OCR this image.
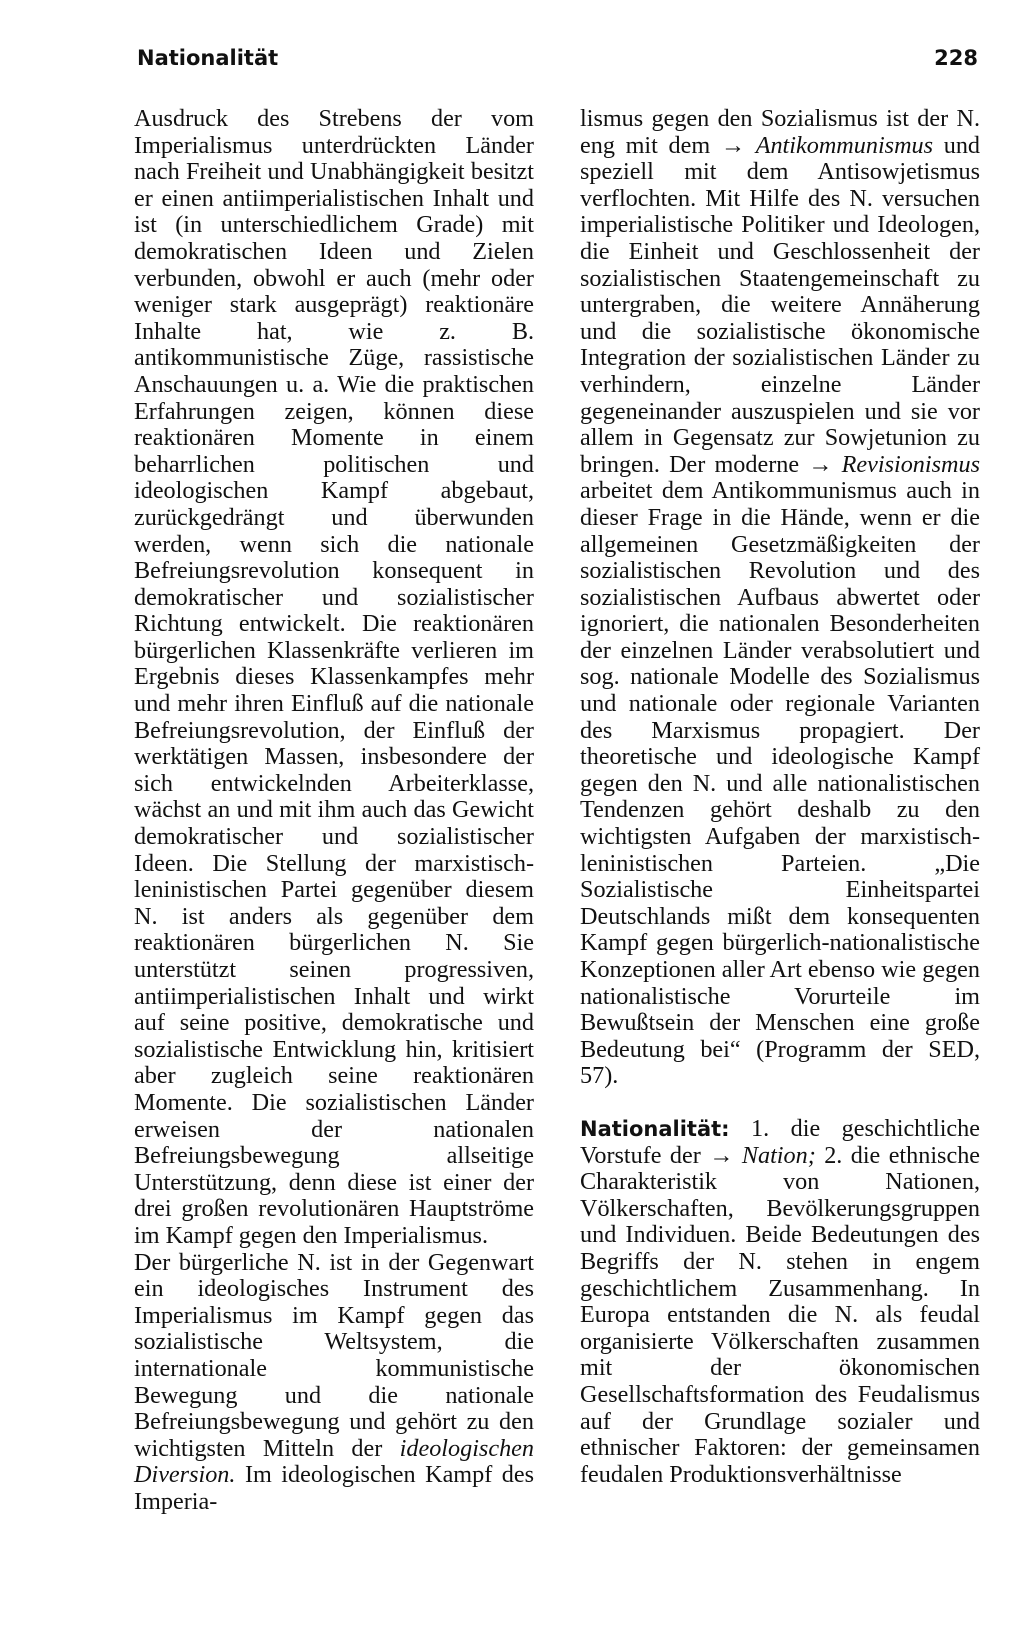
Nationalität	228

Ausdruck des Strebens der vom Imperialismus unterdrückten Länder nach Freiheit und Unabhängigkeit besitzt er einen antiimperialistischen Inhalt und ist (in unterschiedlichem Grade) mit demokratischen Ideen und Zielen verbunden, obwohl er auch (mehr oder weniger stark ausgeprägt) reaktionäre Inhalte hat, wie z. B. antikommunistische Züge, rassistische Anschauungen u. a. Wie die praktischen Erfahrungen zeigen, können diese reaktionären Momente in einem beharrlichen politischen und ideologischen Kampf abgebaut, zurückgedrängt und überwunden werden, wenn sich die nationale Befreiungsrevolution konsequent in demokratischer und sozialistischer Richtung entwickelt. Die reaktionären bürgerlichen Klassenkräfte verlieren im Ergebnis dieses Klassenkampfes mehr und mehr ihren Einfluß auf die nationale Befreiungsrevolution, der Einfluß der werktätigen Massen, insbesondere der sich entwickelnden Arbeiterklasse, wächst an und mit ihm auch das Gewicht demokratischer und sozialistischer Ideen. Die Stellung der marxistisch-leninistischen Partei gegenüber diesem N. ist anders als gegenüber dem reaktionären bürgerlichen N. Sie unterstützt seinen progressiven, antiimperialistischen Inhalt und wirkt auf seine positive, demokratische und sozialistische Entwicklung hin, kritisiert aber zugleich seine reaktionären Momente. Die sozialistischen Länder erweisen der nationalen Befreiungsbewegung allseitige Unterstützung, denn diese ist einer der drei großen revolutionären Hauptströme im Kampf gegen den Imperialismus.

Der bürgerliche N. ist in der Gegenwart ein ideologisches Instrument des Imperialismus im Kampf gegen das sozialistische Weltsystem, die internationale kommunistische Bewegung und die nationale Befreiungsbewegung und gehört zu den wichtigsten Mitteln der ideologischen Diversion. Im ideologischen Kampf des Imperia-

lismus gegen den Sozialismus ist der N. eng mit dem → Antikommunismus und speziell mit dem Antisowjetismus verflochten. Mit Hilfe des N. versuchen imperialistische Politiker und Ideologen, die Einheit und Geschlossenheit der sozialistischen Staatengemeinschaft zu untergraben, die weitere Annäherung und die sozialistische ökonomische Integration der sozialistischen Länder zu verhindern, einzelne Länder gegeneinander auszuspielen und sie vor allem in Gegensatz zur Sowjetunion zu bringen. Der moderne → Revisionismus arbeitet dem Antikommunismus auch in dieser Frage in die Hände, wenn er die allgemeinen Gesetzmäßigkeiten der sozialistischen Revolution und des sozialistischen Aufbaus abwertet oder ignoriert, die nationalen Besonderheiten der einzelnen Länder verabsolutiert und sog. nationale Modelle des Sozialismus und nationale oder regionale Varianten des Marxismus propagiert. Der theoretische und ideologische Kampf gegen den N. und alle nationalistischen Tendenzen gehört deshalb zu den wichtigsten Aufgaben der marxistisch-leninistischen Parteien. „Die Sozialistische Einheitspartei Deutschlands mißt dem konsequenten Kampf gegen bürgerlich-nationalistische Konzeptionen aller Art ebenso wie gegen nationalistische Vorurteile im Bewußtsein der Menschen eine große Bedeutung bei“ (Programm der SED, 57).

Nationalität: 1. die geschichtliche Vorstufe der → Nation; 2. die ethnische Charakteristik von Nationen, Völkerschaften, Bevölkerungsgruppen und Individuen. Beide Bedeutungen des Begriffs der N. stehen in engem geschichtlichem Zusammenhang. In Europa entstanden die N. als feudal organisierte Völkerschaften zusammen mit der ökonomischen Gesellschaftsformation des Feudalismus auf der Grundlage sozialer und ethnischer Faktoren: der gemeinsamen feudalen Produktionsverhältnisse
